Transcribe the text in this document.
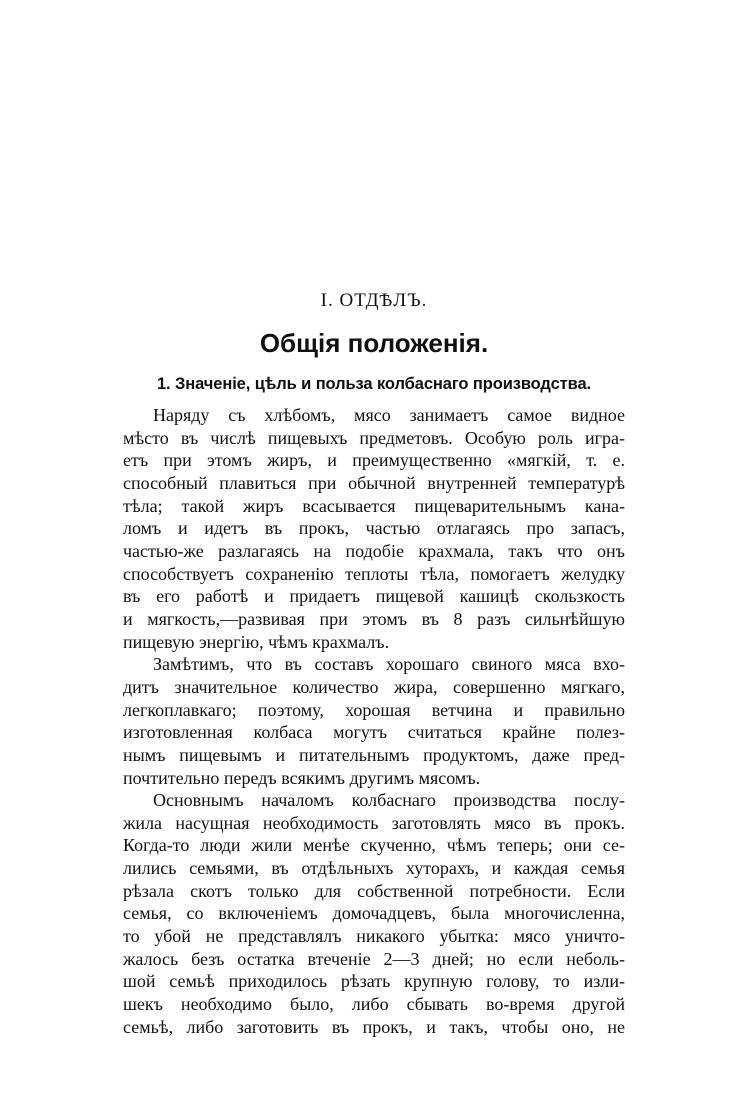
I. ОТДѢЛЪ.

Общія положенія.
1. Значеніе, цѣль и польза колбаснаго производства.

Наряду съ хлѣбомъ, мясо занимаетъ самое видное
мѣсто въ числѣ пищевыхъ предметовъ. Особую роль игра-
етъ при этомъ жиръ, и преимущественно «мягкій, т. е.
способный плавиться при обычной внутренней температурѣ
тѣла; такой жиръ всасывается пищеварительнымъ кана-
ломъ и идетъ въ прокъ, частью отлагаясь про запасъ,
частью-же разлагаясь на подобіе крахмала, такъ что онъ
способствуетъ сохраненію теплоты тѣла, помогаетъ желудку
въ его работѣ и придаетъ пищевой кашицѣ скользкость
и мягкость,—развивая при этомъ въ 8 разъ сильнѣйшую
пищевую энергію, чѣмъ крахмалъ.

Замѣтимъ, что въ составъ хорошаго свиного мяса вхо-
дитъ значительное количество жира, совершенно мягкаго,
легкоплавкаго; поэтому, хорошая ветчина и правильно
изготовленная колбаса могутъ считаться крайне полез-
нымъ пищевымъ и питательнымъ продуктомъ, даже пред-
почтительно передъ всякимъ другимъ мясомъ.

Основнымъ началомъ колбаснаго производства послу-
жила насущная необходимость заготовлять мясо въ прокъ.
Когда-то люди жили менѣе скученно, чѣмъ теперь; они се-
лились семьями, въ отдѣльныхъ хуторахъ, и каждая семья
рѣзала скотъ только для собственной потребности. Если
семья, со включеніемъ домочадцевъ, была многочисленна,
то убой не представлялъ никакого убытка: мясо уничто-
жалось безъ остатка втеченіе 2—3 дней; но если неболь-
шой семьѣ приходилось рѣзать крупную голову, то изли-
шекъ необходимо было, либо сбывать во-время другой
семьѣ, либо заготовить въ прокъ, и такъ, чтобы оно, не
